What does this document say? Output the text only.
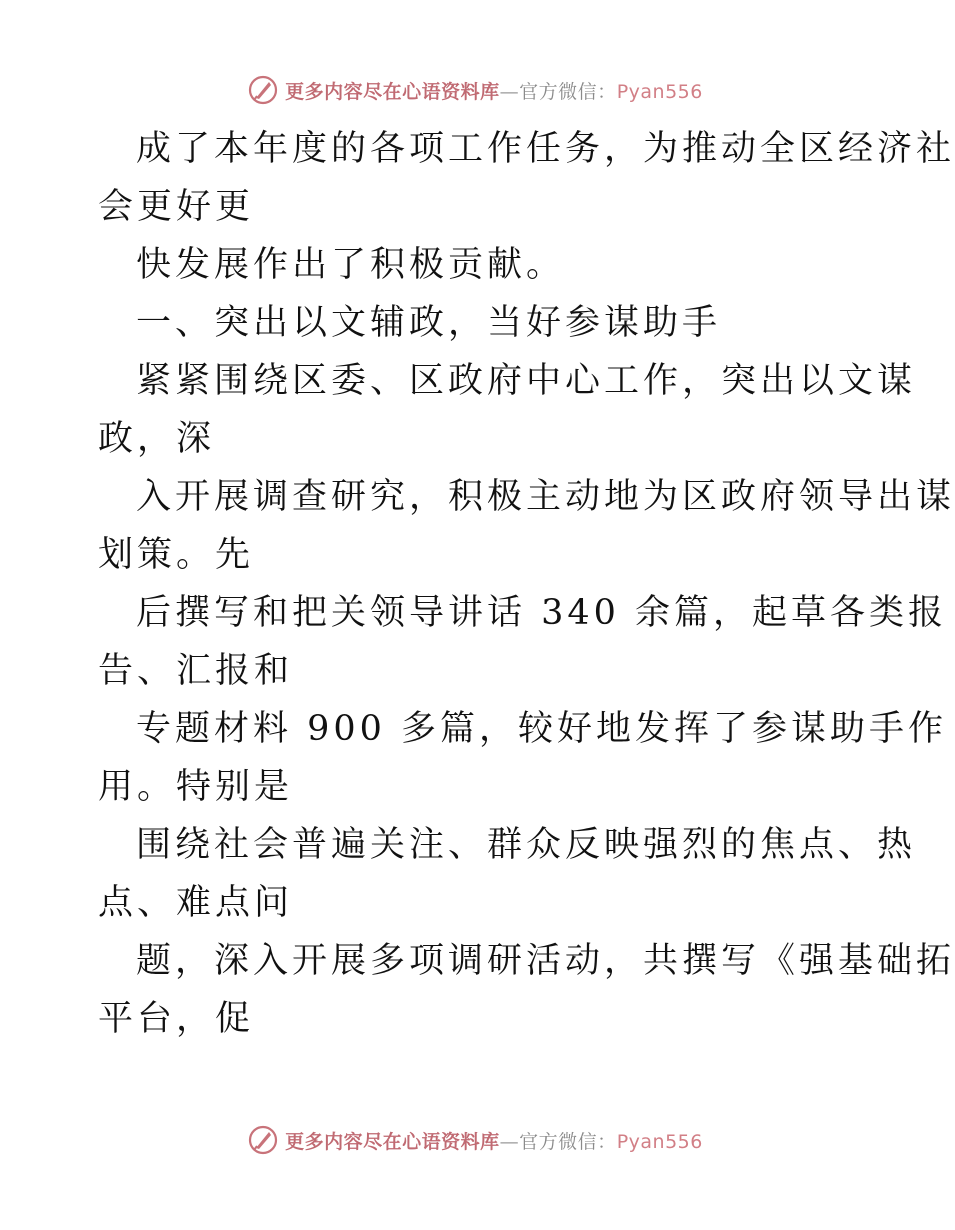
更多内容尽在心语资料库—官方微信：Pyan556
成了本年度的各项工作任务，为推动全区经济社
会更好更
快发展作出了积极贡献。
一、突出以文辅政，当好参谋助手
紧紧围绕区委、区政府中心工作，突出以文谋
政，深
入开展调查研究，积极主动地为区政府领导出谋
划策。先
后撰写和把关领导讲话 340 余篇，起草各类报
告、汇报和
专题材料 900 多篇，较好地发挥了参谋助手作
用。特别是
围绕社会普遍关注、群众反映强烈的焦点、热
点、难点问
题，深入开展多项调研活动，共撰写《强基础拓
平台，促
更多内容尽在心语资料库—官方微信：Pyan556
